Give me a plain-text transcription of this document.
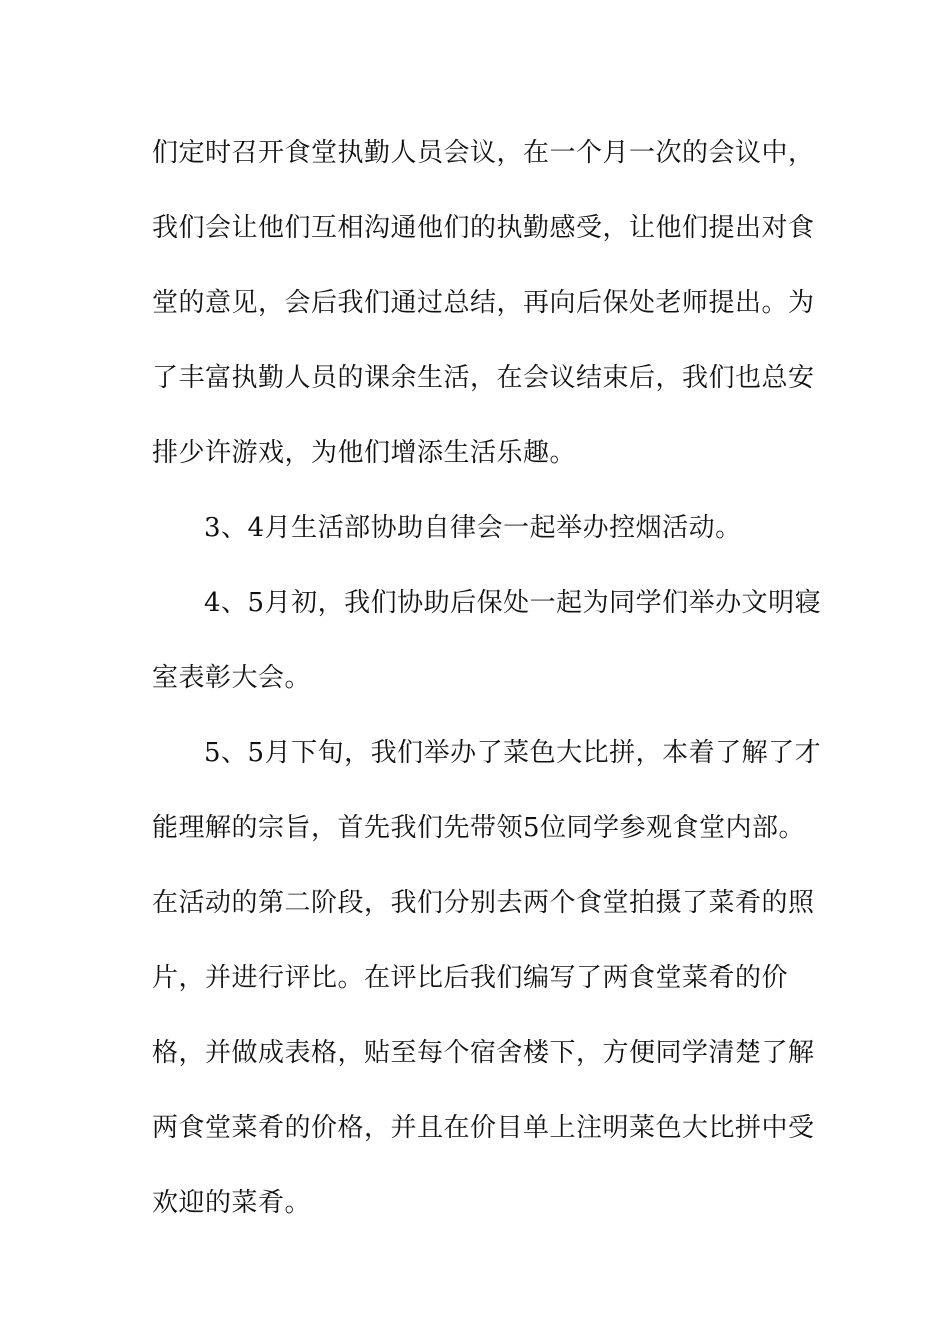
们定时召开食堂执勤人员会议，在一个月一次的会议中，
我们会让他们互相沟通他们的执勤感受，让他们提出对食
堂的意见，会后我们通过总结，再向后保处老师提出。为
了丰富执勤人员的课余生活，在会议结束后，我们也总安
排少许游戏，为他们增添生活乐趣。
3、4月生活部协助自律会一起举办控烟活动。
4、5月初，我们协助后保处一起为同学们举办文明寝
室表彰大会。
5、5月下旬，我们举办了菜色大比拼，本着了解了才
能理解的宗旨，首先我们先带领5位同学参观食堂内部。
在活动的第二阶段，我们分别去两个食堂拍摄了菜肴的照
片，并进行评比。在评比后我们编写了两食堂菜肴的价
格，并做成表格，贴至每个宿舍楼下，方便同学清楚了解
两食堂菜肴的价格，并且在价目单上注明菜色大比拼中受
欢迎的菜肴。
